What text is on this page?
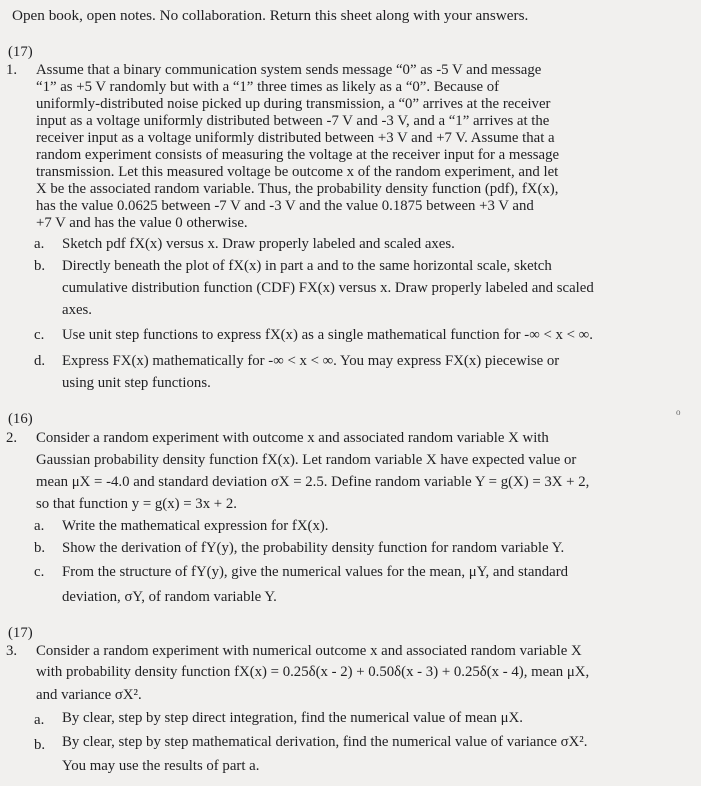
Open book, open notes. No collaboration. Return this sheet along with your answers.
(17)
1. Assume that a binary communication system sends message “0” as -5 V and message
“1” as +5 V randomly but with a “1” three times as likely as a “0”. Because of
uniformly-distributed noise picked up during transmission, a “0” arrives at the receiver
input as a voltage uniformly distributed between -7 V and -3 V, and a “1” arrives at the
receiver input as a voltage uniformly distributed between +3 V and +7 V. Assume that a
random experiment consists of measuring the voltage at the receiver input for a message
transmission. Let this measured voltage be outcome x of the random experiment, and let
X be the associated random variable. Thus, the probability density function (pdf), fX(x),
has the value 0.0625 between -7 V and -3 V and the value 0.1875 between +3 V and
+7 V and has the value 0 otherwise.
a. Sketch pdf fX(x) versus x. Draw properly labeled and scaled axes.
b. Directly beneath the plot of fX(x) in part a and to the same horizontal scale, sketch
cumulative distribution function (CDF) FX(x) versus x. Draw properly labeled and scaled
axes.
c. Use unit step functions to express fX(x) as a single mathematical function for -∞ < x < ∞.
d. Express FX(x) mathematically for -∞ < x < ∞. You may express FX(x) piecewise or
using unit step functions.
(16)
2. Consider a random experiment with outcome x and associated random variable X with
Gaussian probability density function fX(x). Let random variable X have expected value or
mean μX = -4.0 and standard deviation σX = 2.5. Define random variable Y = g(X) = 3X + 2,
so that function y = g(x) = 3x + 2.
a. Write the mathematical expression for fX(x).
b. Show the derivation of fY(y), the probability density function for random variable Y.
c. From the structure of fY(y), give the numerical values for the mean, μY, and standard
deviation, σY, of random variable Y.
(17)
3. Consider a random experiment with numerical outcome x and associated random variable X
with probability density function fX(x) = 0.25δ(x - 2) + 0.50δ(x - 3) + 0.25δ(x - 4), mean μX,
and variance σX².
a. By clear, step by step direct integration, find the numerical value of mean μX.
b. By clear, step by step mathematical derivation, find the numerical value of variance σX².
You may use the results of part a.
o
